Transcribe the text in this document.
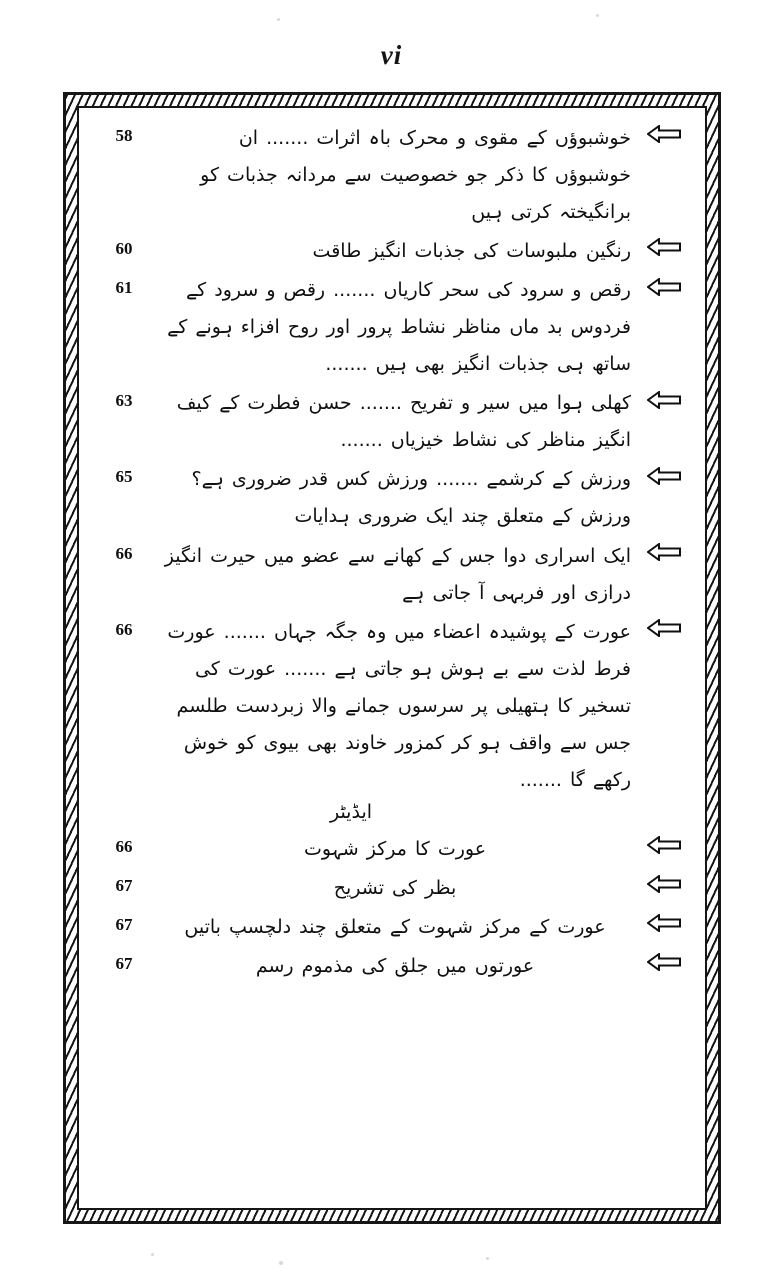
vi
58	خوشبوؤں کے مقوی و محرک باہ اثرات ....... ان خوشبوؤں کا ذکر جو خصوصیت سے مردانہ جذبات کو برانگیختہ کرتی ہیں
60	رنگین ملبوسات کی جذبات انگیز طاقت
61	رقص و سرود کی سحر کاریاں ....... رقص و سرود کے فردوس بد ماں مناظر نشاط پرور اور روح افزاء ہونے کے ساتھ ہی جذبات انگیز بھی ہیں .......
63	کھلی ہوا میں سیر و تفریح ....... حسن فطرت کے کیف انگیز مناظر کی نشاط خیزیاں .......
65	ورزش کے کرشمے ....... ورزش کس قدر ضروری ہے؟ ورزش کے متعلق چند ایک ضروری ہدایات
66	ایک اسراری دوا جس کے کھانے سے عضو میں حیرت انگیز درازی اور فربہی آ جاتی ہے
66	عورت کے پوشیدہ اعضاء میں وہ جگہ جہاں ....... عورت فرط لذت سے بے ہوش ہو جاتی ہے ....... عورت کی تسخیر کا ہتھیلی پر سرسوں جمانے والا زبردست طلسم جس سے واقف ہو کر کمزور خاوند بھی بیوی کو خوش رکھے گا .......
ایڈیٹر
66	عورت کا مرکز شہوت
67	بظر کی تشریح
67	عورت کے مرکز شہوت کے متعلق چند دلچسپ باتیں
67	عورتوں میں جلق کی مذموم رسم
